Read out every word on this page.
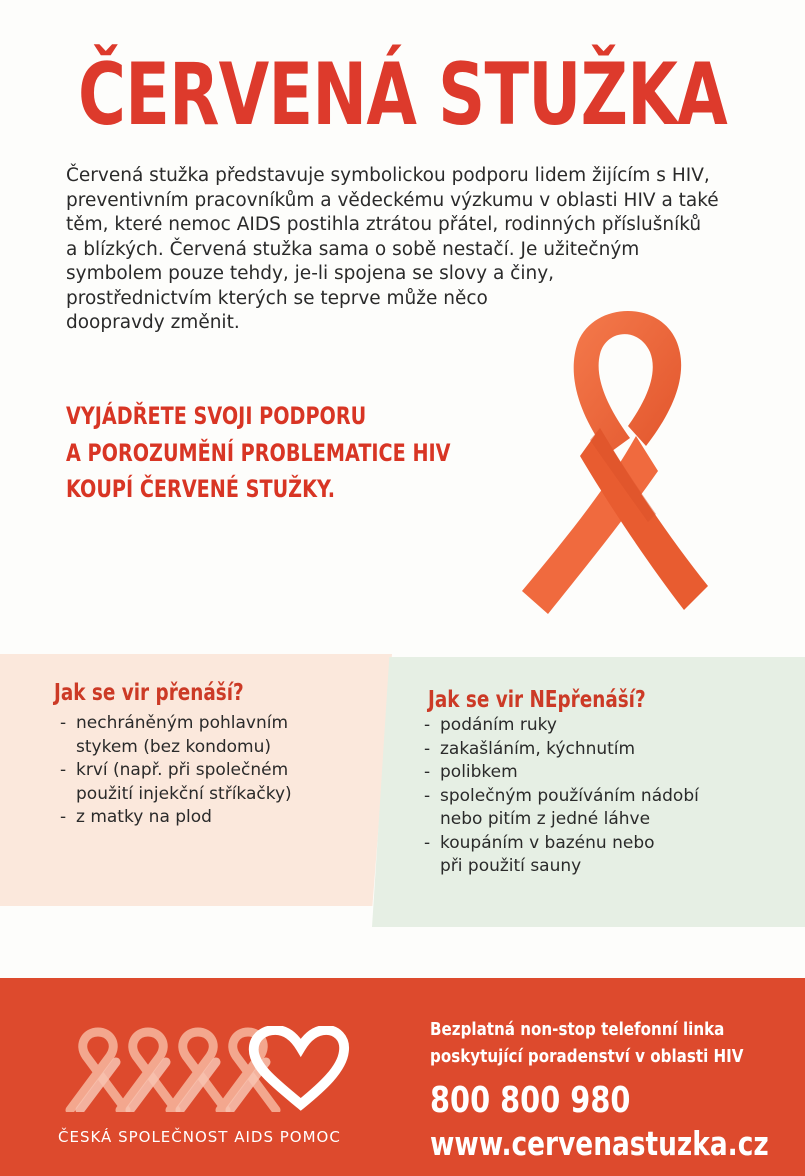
ČERVENÁ STUŽKA
Červená stužka představuje symbolickou podporu lidem žijícím s HIV,
preventivním pracovníkům a vědeckému výzkumu v oblasti HIV a také
těm, které nemoc AIDS postihla ztrátou přátel, rodinných příslušníků
a blízkých. Červená stužka sama o sobě nestačí. Je užitečným
symbolem pouze tehdy, je-li spojena se slovy a činy,
prostřednictvím kterých se teprve může něco
doopravdy změnit.
VYJÁDŘETE SVOJI PODPORU
A POROZUMĚNÍ PROBLEMATICE HIV
KOUPÍ ČERVENÉ STUŽKY.
Jak se vir přenáší?
- nechráněným pohlavním
stykem (bez kondomu)
- krví (např. při společném
použití injekční stříkačky)
- z matky na plod
Jak se vir NEpřenáší?
- podáním ruky
- zakašláním, kýchnutím
- polibkem
- společným používáním nádobí
nebo pitím z jedné láhve
- koupáním v bazénu nebo
při použití sauny
ČESKÁ SPOLEČNOST AIDS POMOC
Bezplatná non-stop telefonní linka
poskytující poradenství v oblasti HIV
800 800 980
www.cervenastuzka.cz
